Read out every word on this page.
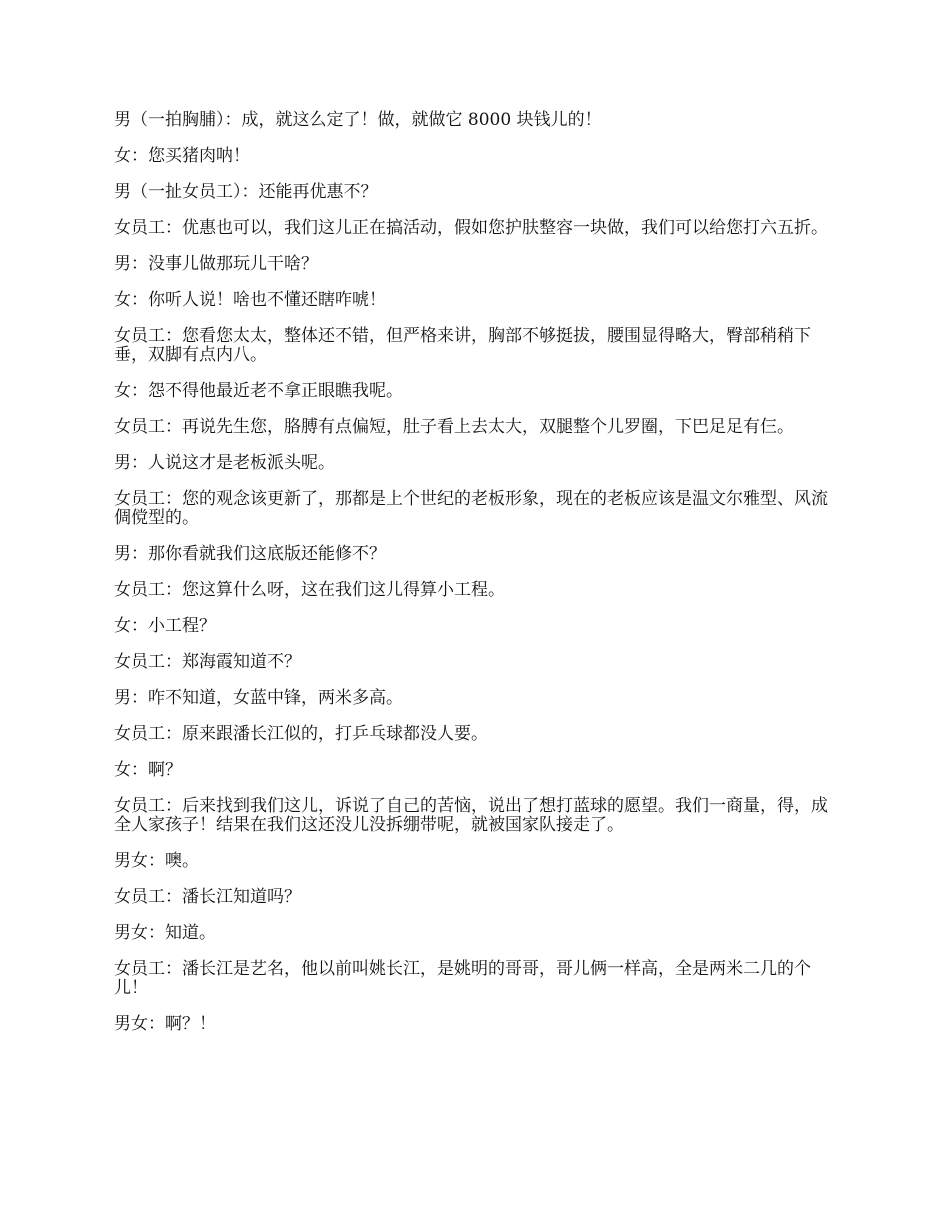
男（一拍胸脯）：成，就这么定了！做，就做它 8000 块钱儿的！

女：您买猪肉呐！

男（一扯女员工）：还能再优惠不？

女员工：优惠也可以，我们这儿正在搞活动，假如您护肤整容一块做，我们可以给您打六五折。

男：没事儿做那玩儿干啥？

女：你听人说！啥也不懂还瞎咋唬！

女员工：您看您太太，整体还不错，但严格来讲，胸部不够挺拔，腰围显得略大，臀部稍稍下垂，双脚有点内八。

女：怨不得他最近老不拿正眼瞧我呢。

女员工：再说先生您，胳膊有点偏短，肚子看上去太大，双腿整个儿罗圈，下巴足足有仨。

男：人说这才是老板派头呢。

女员工：您的观念该更新了，那都是上个世纪的老板形象，现在的老板应该是温文尔雅型、风流倜傥型的。

男：那你看就我们这底版还能修不？

女员工：您这算什么呀，这在我们这儿得算小工程。

女：小工程？

女员工：郑海霞知道不？

男：咋不知道，女蓝中锋，两米多高。

女员工：原来跟潘长江似的，打乒乓球都没人要。

女：啊？

女员工：后来找到我们这儿，诉说了自己的苦恼，说出了想打蓝球的愿望。我们一商量，得，成全人家孩子！结果在我们这还没儿没拆绷带呢，就被国家队接走了。

男女：噢。

女员工：潘长江知道吗？

男女：知道。

女员工：潘长江是艺名，他以前叫姚长江，是姚明的哥哥，哥儿俩一样高，全是两米二几的个儿！

男女：啊？！
